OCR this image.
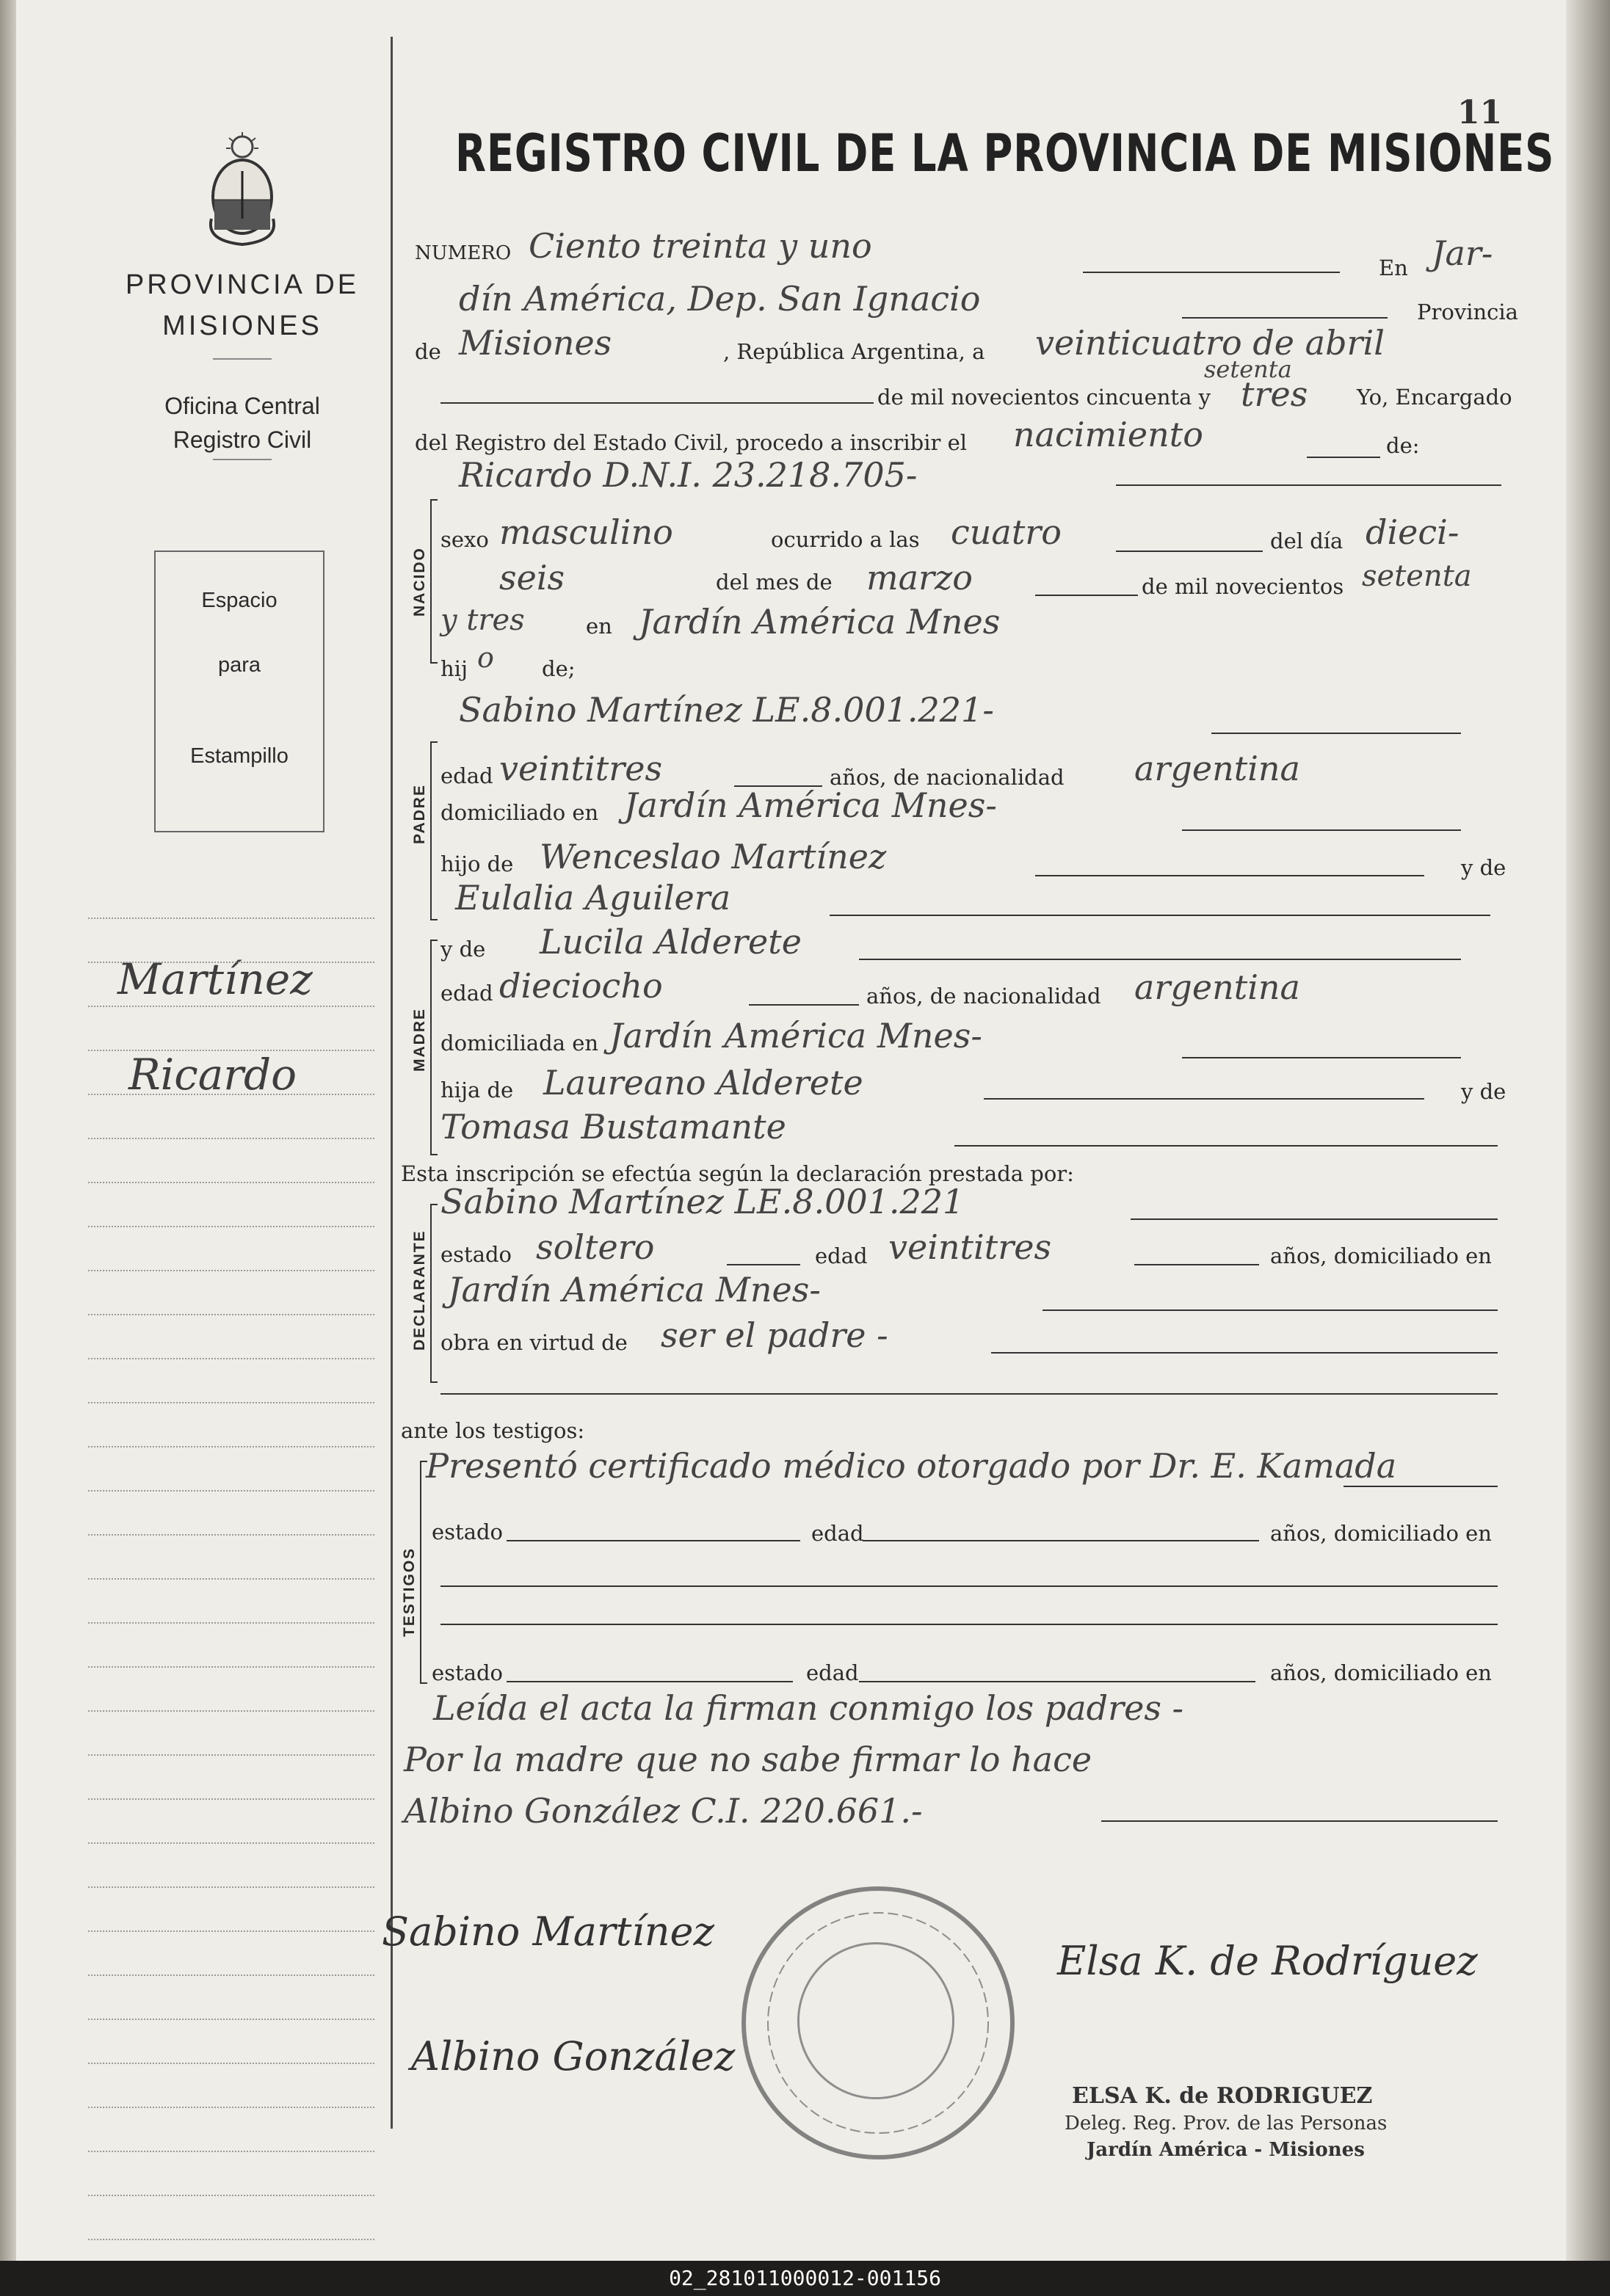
PROVINCIA DE MISIONES
Oficina Central
Registro Civil
Espacio
para
Estampillo
Martínez
Ricardo
11
REGISTRO CIVIL DE LA PROVINCIA DE MISIONES
NUMERO Ciento treinta y uno
En Jar-
dín América, Dep. San Ignacio	Provincia
de Misiones	, República Argentina, a veinticuatro de abril
de mil novecientos cincuenta y
setenta
tres Yo, Encargado
del Registro del Estado Civil, procedo a inscribir el nacimiento	de:
Ricardo D.N.I. 23.218.705-
NACIDO
sexo masculino	ocurrido a las cuatro	del día dieci-
seis	del mes de marzo	de mil novecientos setenta
y tres	en Jardín América Mnes
hij o de;
Sabino Martínez LE.8.001.221-
PADRE
edad veintitres	años, de nacionalidad argentina
domiciliado en Jardín América Mnes-
hijo de Wenceslao Martínez	y de
Eulalia Aguilera
y de Lucila Alderete
MADRE
edad dieciocho	años, de nacionalidad argentina
domiciliada en Jardín América Mnes-
hija de Laureano Alderete	y de
Tomasa Bustamante
Esta inscripción se efectúa según la declaración prestada por:
Sabino Martínez LE.8.001.221
DECLARANTE estado soltero	edad veintitres	años, domiciliado en
Jardín América Mnes-
obra en virtud de ser el padre -
ante los testigos:
Presentó certificado médico otorgado por Dr. E. Kamada
TESTIGOS
estado	edad	años, domiciliado en
estado	edad	años, domiciliado en
Leída el acta la firman conmigo los padres -
Por la madre que no sabe firmar lo hace
Albino González C.I. 220.661.-
Sabino Martínez
Albino González
Elsa K. de Rodríguez
ELSA K. de RODRIGUEZ
Deleg. Reg. Prov. de las Personas
Jardín América - Misiones
02_281011000012-001156
